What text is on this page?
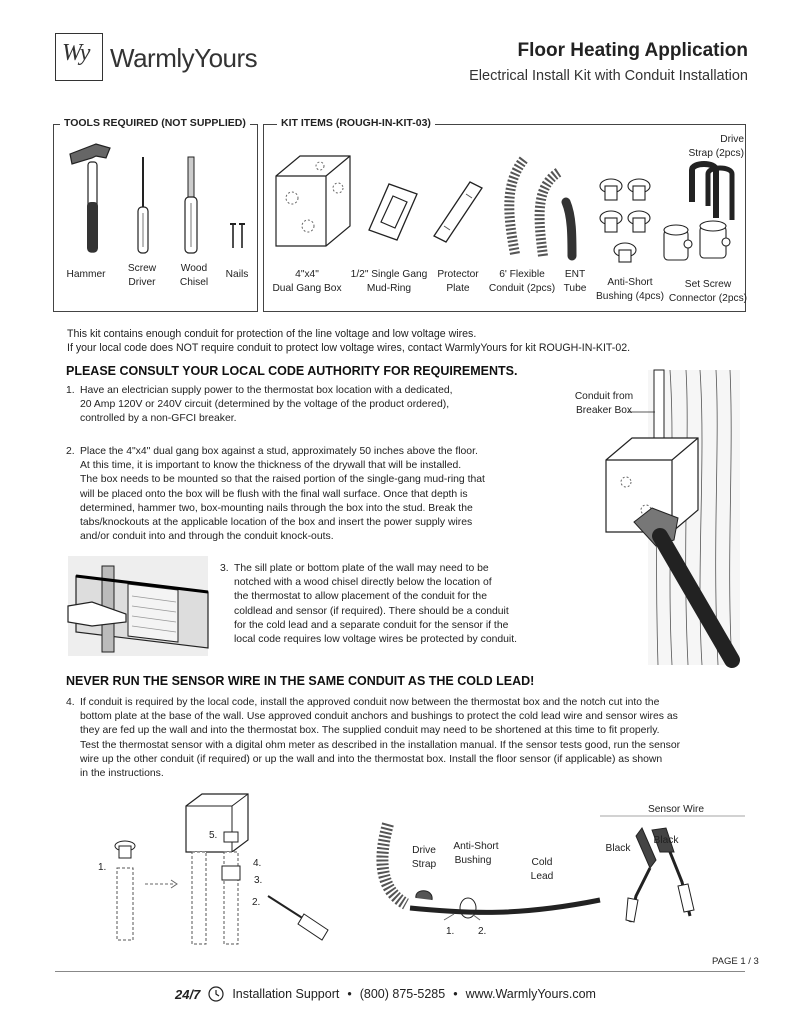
Wy WarmlyYours	Floor Heating Application
Electrical Install Kit with Conduit Installation
TOOLS REQUIRED (NOT SUPPLIED)	KIT ITEMS (ROUGH-IN-KIT-03)
Hammer
Screw
Driver
Wood
Chisel
Nails	4"x4"
Dual Gang Box
1/2" Single Gang
Mud-Ring
Protector
Plate
6' Flexible
Conduit (2pcs)
ENT
Tube
Anti-Short
Bushing (4pcs)
Set Screw
Connector (2pcs)
Drive
Strap (2pcs)
This kit contains enough conduit for protection of the line voltage and low voltage wires.
If your local code does NOT require conduit to protect low voltage wires, contact WarmlyYours for kit ROUGH-IN-KIT-02.
PLEASE CONSULT YOUR LOCAL CODE AUTHORITY FOR REQUIREMENTS.
1. Have an electrician supply power to the thermostat box location with a dedicated,
20 Amp 120V or 240V circuit (determined by the voltage of the product ordered),
controlled by a non-GFCI breaker.
2. Place the 4"x4" dual gang box against a stud, approximately 50 inches above the floor.
At this time, it is important to know the thickness of the drywall that will be installed.
The box needs to be mounted so that the raised portion of the single-gang mud-ring that
will be placed onto the box will be flush with the final wall surface. Once that depth is
determined, hammer two, box-mounting nails through the box into the stud. Break the
tabs/knockouts at the applicable location of the box and insert the power supply wires
and/or conduit into and through the conduit knock-outs.
3. The sill plate or bottom plate of the wall may need to be
notched with a wood chisel directly below the location of
the thermostat to allow placement of the conduit for the
coldlead and sensor (if required). There should be a conduit
for the cold lead and a separate conduit for the sensor if the
local code requires low voltage wires be protected by conduit.
Conduit from
Breaker Box
NEVER RUN THE SENSOR WIRE IN THE SAME CONDUIT AS THE COLD LEAD!
4. If conduit is required by the local code, install the approved conduit now between the thermostat box and the notch cut into the
bottom plate at the base of the wall. Use approved conduit anchors and bushings to protect the cold lead wire and sensor wires as
they are fed up the wall and into the thermostat box. The supplied conduit may need to be shortened at this time to fit properly.
Test the thermostat sensor with a digital ohm meter as described in the installation manual. If the sensor tests good, run the sensor
wire up the other conduit (if required) or up the wall and into the thermostat box. Install the floor sensor (if applicable) as shown
in the instructions.
1.
2.
3.
4.
5.
Drive
Strap
Anti-Short
Bushing	Cold
Lead
1. 2.
Sensor Wire
Black
Black
PAGE 1 / 3
24/7	Installation Support • (800) 875-5285 • www.WarmlyYours.com
